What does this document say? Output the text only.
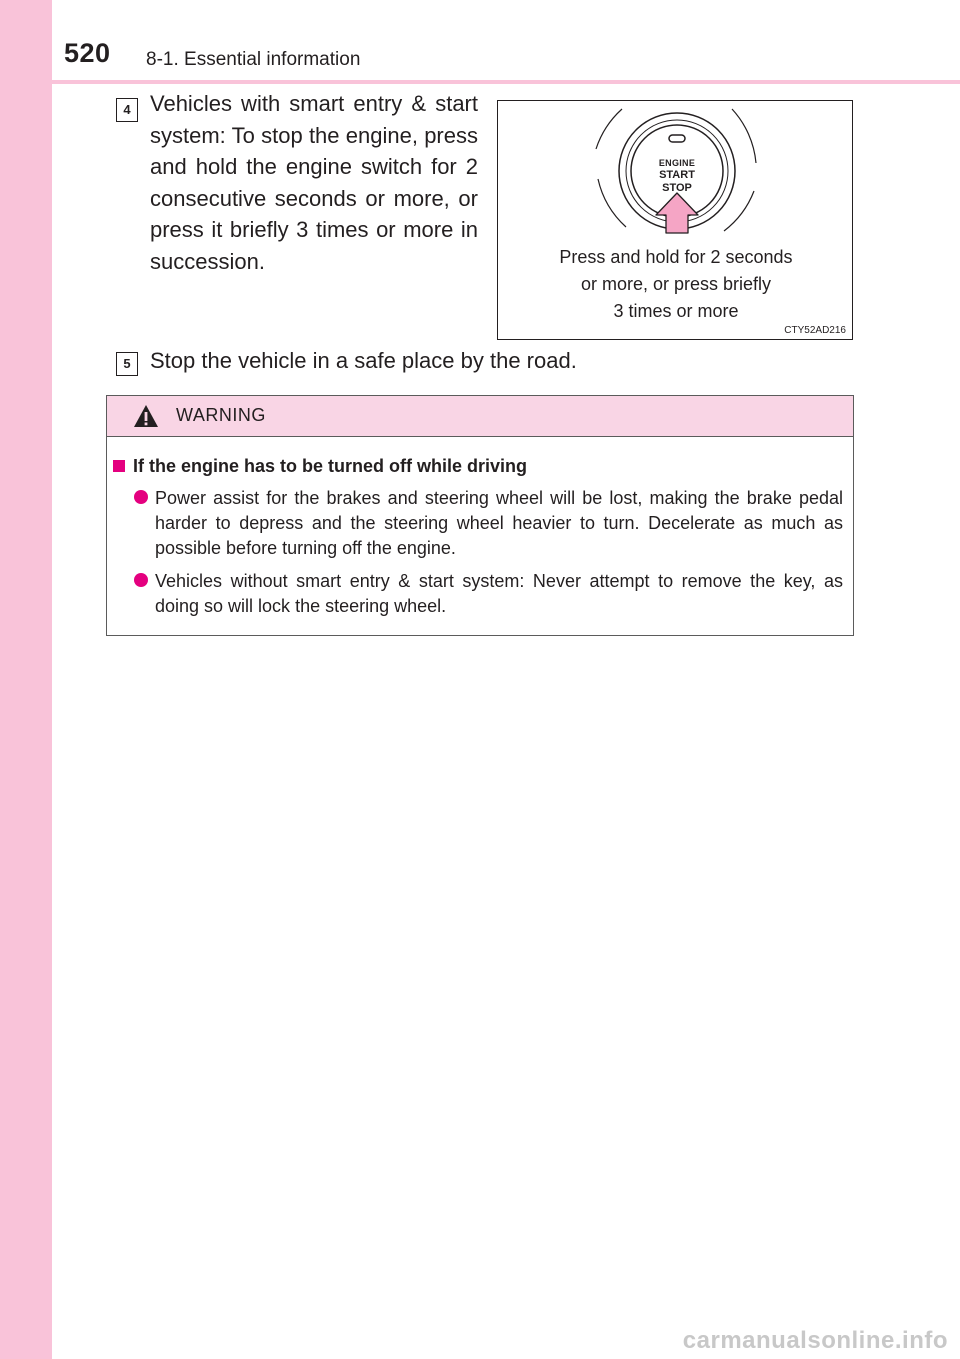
520 8-1. Essential information
4 Vehicles with smart entry & start system: To stop the engine, press and hold the engine switch for 2 consecutive seconds or more, or press it briefly 3 times or more in succession.
ENGINE
START
STOP
Press and hold for 2 seconds
or more, or press briefly
3 times or more
CTY52AD216
5 Stop the vehicle in a safe place by the road.
WARNING
If the engine has to be turned off while driving
Power assist for the brakes and steering wheel will be lost, making the brake pedal harder to depress and the steering wheel heavier to turn. Decelerate as much as possible before turning off the engine.
Vehicles without smart entry & start system: Never attempt to remove the key, as doing so will lock the steering wheel.
carmanualsonline.info
